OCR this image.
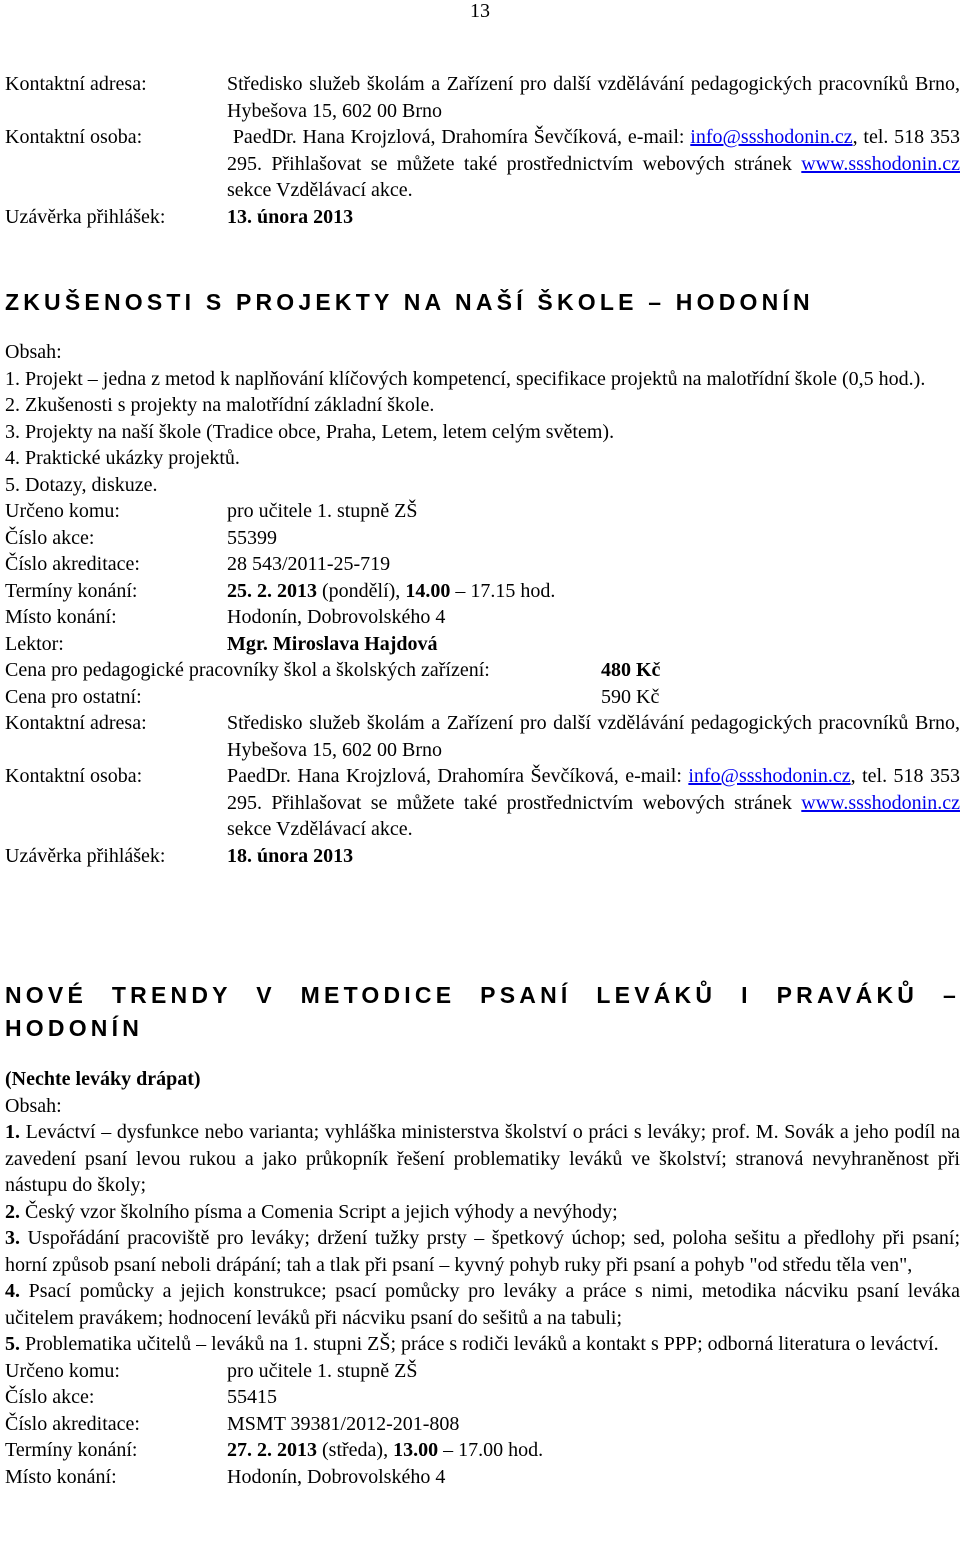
13
Kontaktní adresa:	Středisko služeb školám a Zařízení pro další vzdělávání pedagogických pracovníků Brno, Hybešova 15, 602 00 Brno
Kontaktní osoba:	PaedDr. Hana Krojzlová, Drahomíra Ševčíková, e-mail: info@ssshodonin.cz, tel. 518 353 295. Přihlašovat se můžete také prostřednictvím webových stránek www.ssshodonin.cz sekce Vzdělávací akce.
Uzávěrka přihlášek:	13. února 2013
ZKUŠENOSTI S PROJEKTY NA NAŠÍ ŠKOLE – HODONÍN
Obsah:
1. Projekt – jedna z metod k naplňování klíčových kompetencí, specifikace projektů na malotřídní škole (0,5 hod.).
2. Zkušenosti s projekty na malotřídní základní škole.
3. Projekty na naší škole (Tradice obce, Praha, Letem, letem celým světem).
4. Praktické ukázky projektů.
5. Dotazy, diskuze.
Určeno komu:	pro učitele 1. stupně ZŠ
Číslo akce:	55399
Číslo akreditace:	28 543/2011-25-719
Termíny konání:	25. 2. 2013 (pondělí), 14.00 – 17.15 hod.
Místo konání:	Hodonín, Dobrovolského 4
Lektor:	Mgr. Miroslava Hajdová
Cena pro pedagogické pracovníky škol a školských zařízení:	480 Kč
Cena pro ostatní:	590 Kč
Kontaktní adresa:	Středisko služeb školám a Zařízení pro další vzdělávání pedagogických pracovníků Brno, Hybešova 15, 602 00 Brno
Kontaktní osoba:	PaedDr. Hana Krojzlová, Drahomíra Ševčíková, e-mail: info@ssshodonin.cz, tel. 518 353 295. Přihlašovat se můžete také prostřednictvím webových stránek www.ssshodonin.cz sekce Vzdělávací akce.
Uzávěrka přihlášek:	18. února 2013
NOVÉ TRENDY V METODICE PSANÍ LEVÁKŮ I PRAVÁKŮ – HODONÍN
(Nechte leváky drápat)
Obsah:
1. Leváctví – dysfunkce nebo varianta; vyhláška ministerstva školství o práci s leváky; prof. M. Sovák a jeho podíl na zavedení psaní levou rukou a jako průkopník řešení problematiky leváků ve školství; stranová nevyhraněnost při nástupu do školy;
2. Český vzor školního písma a Comenia Script a jejich výhody a nevýhody;
3. Uspořádání pracoviště pro leváky; držení tužky prsty – špetkový úchop; sed, poloha sešitu a předlohy při psaní; horní způsob psaní neboli drápání; tah a tlak při psaní – kyvný pohyb ruky při psaní a pohyb "od středu těla ven",
4. Psací pomůcky a jejich konstrukce; psací pomůcky pro leváky a práce s nimi, metodika nácviku psaní leváka učitelem pravákem; hodnocení leváků při nácviku psaní do sešitů a na tabuli;
5. Problematika učitelů – leváků na 1. stupni ZŠ; práce s rodiči leváků a kontakt s PPP; odborná literatura o leváctví.
Určeno komu:	pro učitele 1. stupně ZŠ
Číslo akce:	55415
Číslo akreditace:	MSMT 39381/2012-201-808
Termíny konání:	27. 2. 2013 (středa), 13.00 – 17.00 hod.
Místo konání:	Hodonín, Dobrovolského 4
